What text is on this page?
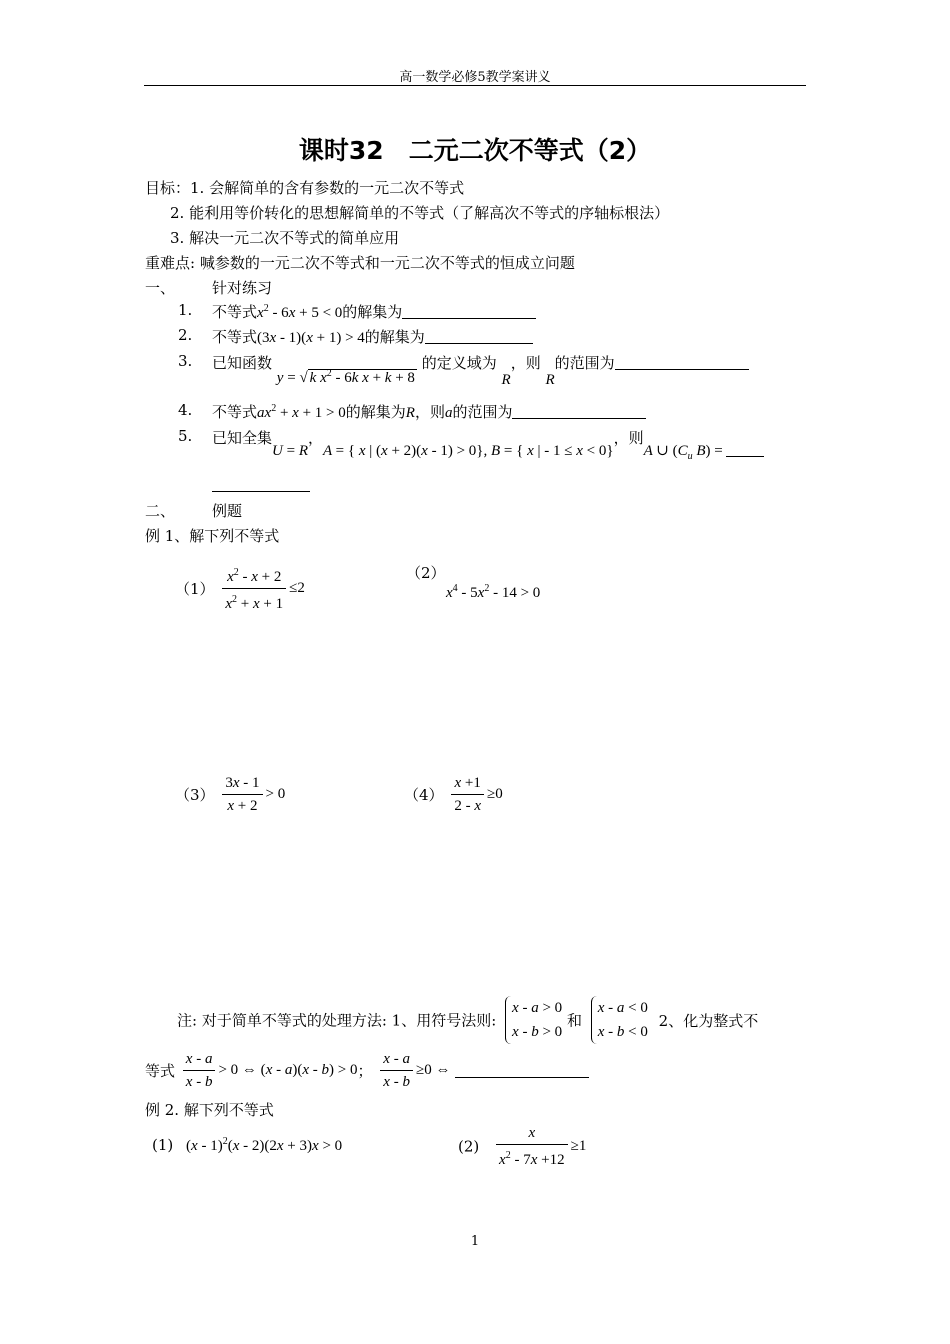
高一数学必修5教学案讲义
课时32　二元二次不等式（2）
目标：1. 会解简单的含有参数的一元二次不等式
2. 能利用等价转化的思想解简单的不等式（了解高次不等式的序轴标根法）
3. 解决一元二次不等式的简单应用
重难点: 喊参数的一元二次不等式和一元二次不等式的恒成立问题
一、 针对练习
1. 不等式$x^2 - 6x + 5 < 0$的解集为
2. 不等式(3x - 1)(x + 1) > 4的解集为
3. 已知函数 y = √ k $x^2 - 6k$ x + k + 8 的定义域为 R，则 R的范围为
4. 不等式$ax^2 + x + 1 > 0$的解集为R，则a的范围为
5. 已知全集U = R，A = { x | (x + 2)(x - 1) > 0}, B = { x | - 1 ≤ x < 0}，则A ∪ ($C_u$ B) =
二、 例题
例 1、解下列不等式
$(1) \frac{x^2 - x + 2}{x^2 + x + 1} \le 2$
（2）
$x^4 - 5x^2 - 14 > 0$
$(3) \frac{3x - 1}{x + 2} > 0$	$(4) \frac{x +1}{2 - x} \ge 0$
注: 对于简单不等式的处理方法: 1、用符号法则:
x - a > 0
x - b > 0
和
x - a < 0
x - b < 0
2、化为整式不
等式 $\frac{x - a}{x - b} > 0$ ⇔ (x - a)(x - b) > 0； $\frac{x - a}{x - b} \ge 0$ ⇔
例 2. 解下列不等式
(1) (x - 1)$^2$(x - 2)(2x + 3)x > 0	$(2) \frac{x}{x^2 - 7x +12} \ge 1$
1
